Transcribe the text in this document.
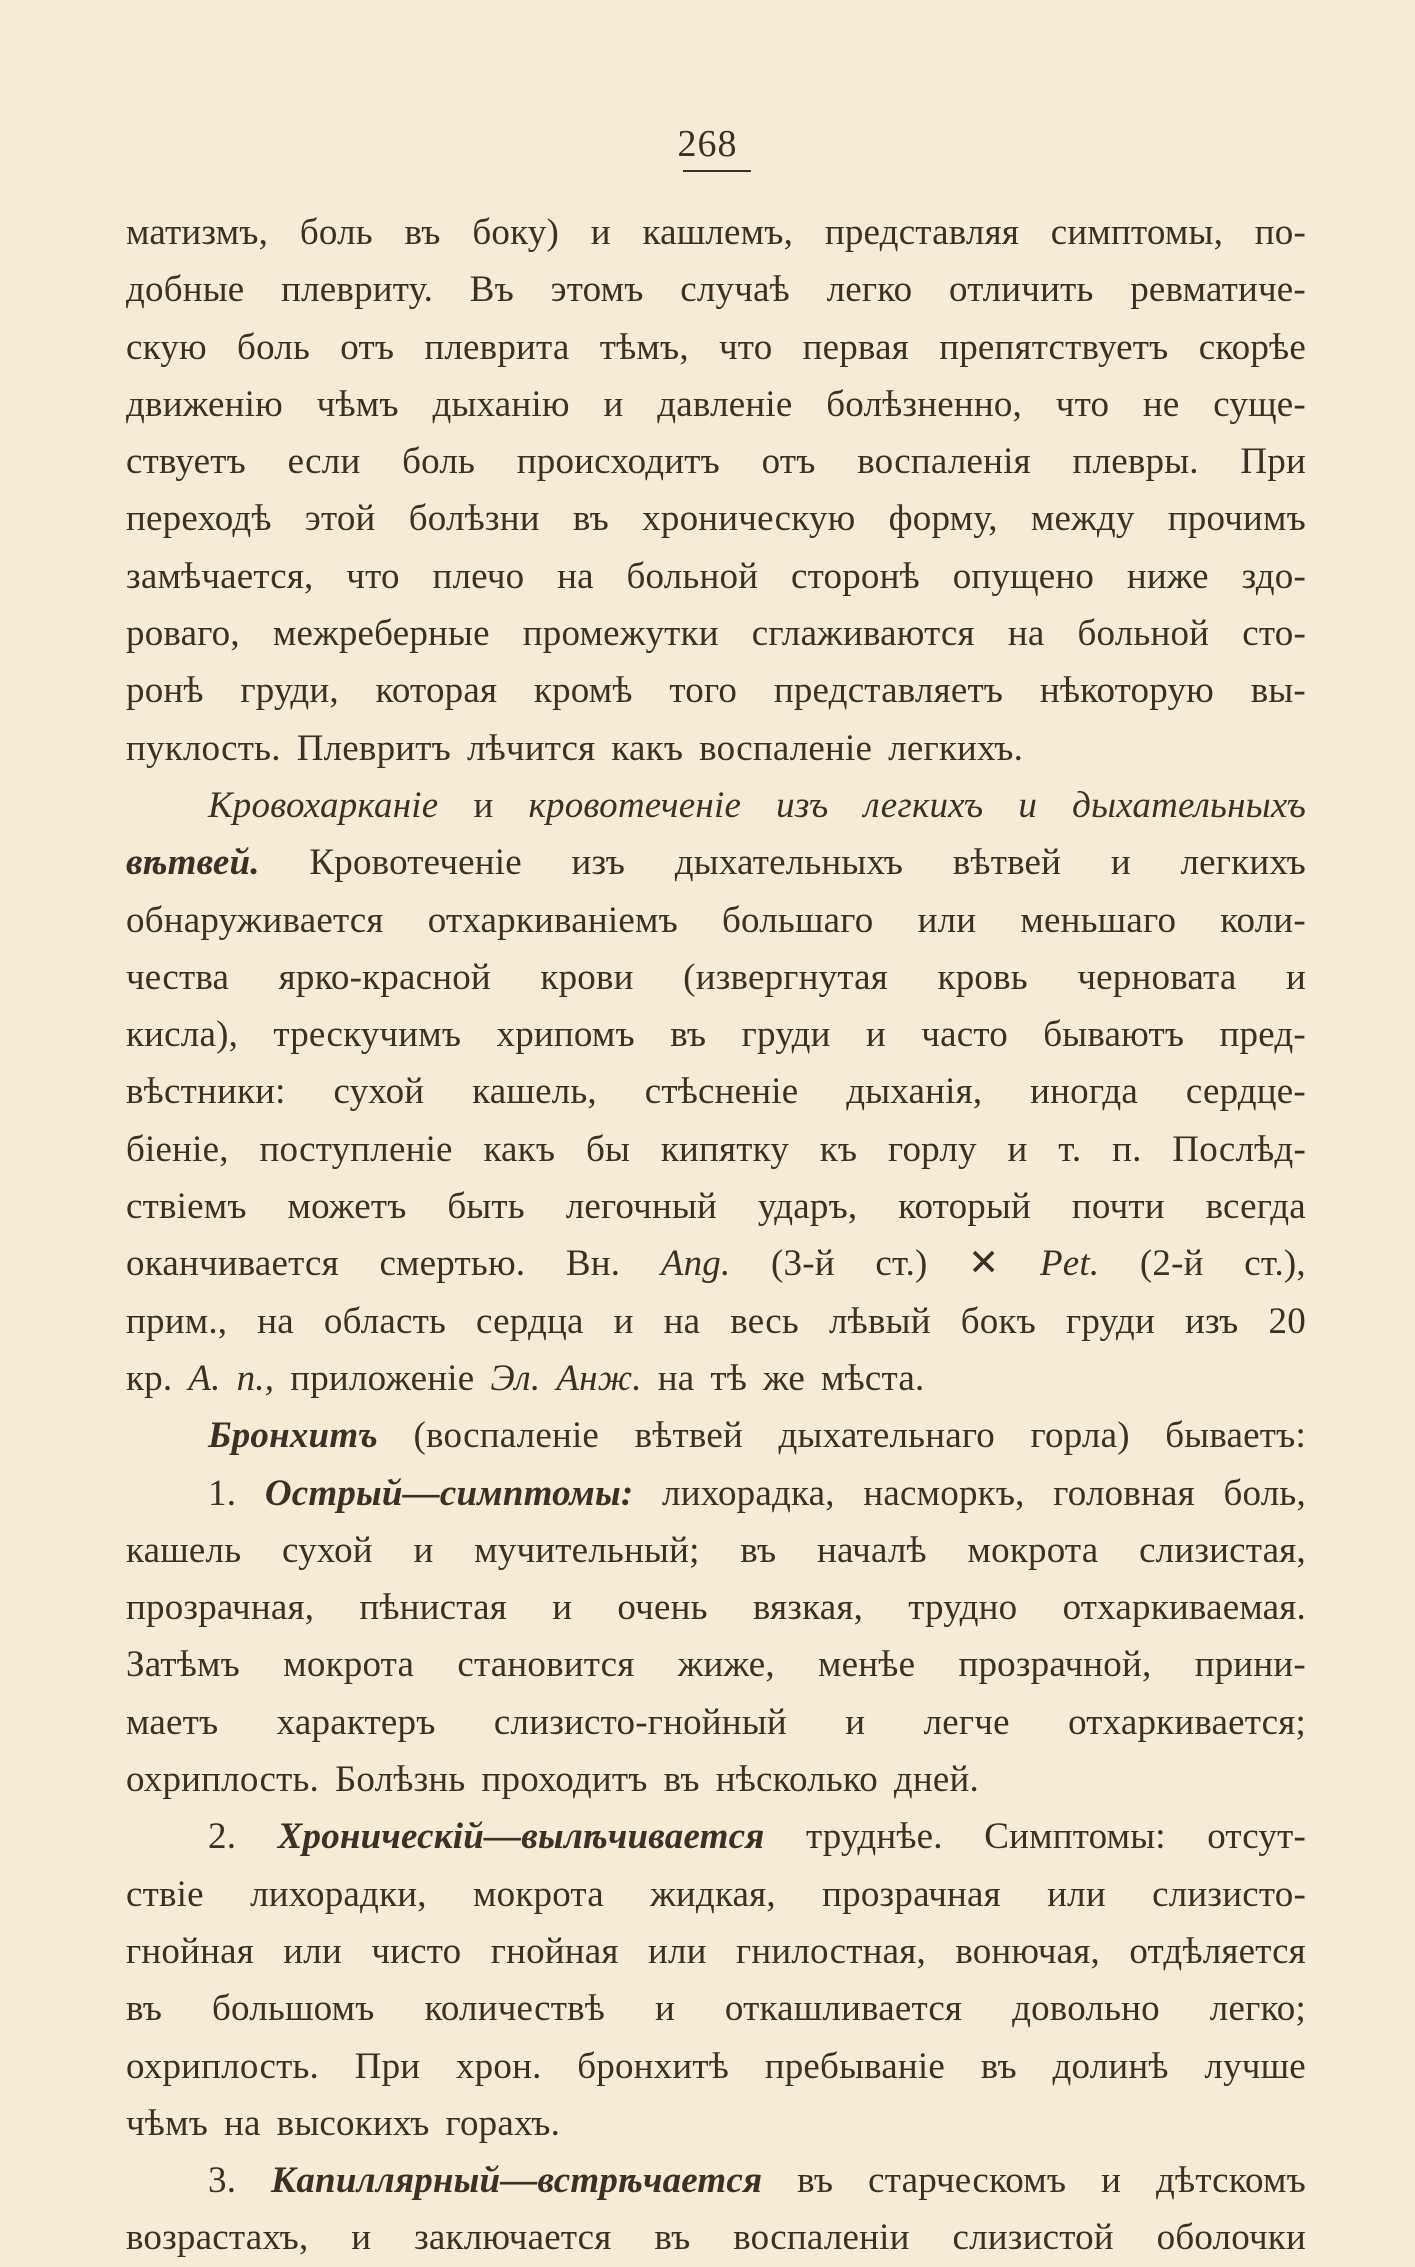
268
матизмъ, боль въ боку) и кашлемъ, представляя симптомы, по-
добные плевриту. Въ этомъ случаѣ легко отличить ревматиче-
скую боль отъ плеврита тѣмъ, что первая препятствуетъ скорѣе
движенію чѣмъ дыханію и давленіе болѣзненно, что не суще-
ствуетъ если боль происходитъ отъ воспаленія плевры. При
переходѣ этой болѣзни въ хроническую форму, между прочимъ
замѣчается, что плечо на больной сторонѣ опущено ниже здо-
роваго, межреберные промежутки сглаживаются на больной сто-
ронѣ груди, которая кромѣ того представляетъ нѣкоторую вы-
пуклость. Плевритъ лѣчится какъ воспаленіе легкихъ.
Кровохарканіе и кровотеченіе изъ легкихъ и дыхательныхъ
вѣтвей. Кровотеченіе изъ дыхательныхъ вѣтвей и легкихъ
обнаруживается отхаркиваніемъ большаго или меньшаго коли-
чества ярко-красной крови (извергнутая кровь черновата и
кисла), трескучимъ хрипомъ въ груди и часто бываютъ пред-
вѣстники: сухой кашель, стѣсненіе дыханія, иногда сердце-
біеніе, поступленіе какъ бы кипятку къ горлу и т. п. Послѣд-
ствіемъ можетъ быть легочный ударъ, который почти всегда
оканчивается смертью. Вн. Ang. (3-й ст.) ✕ Pet. (2-й ст.),
прим., на область сердца и на весь лѣвый бокъ груди изъ 20
кр. А. п., приложеніе Эл. Анж. на тѣ же мѣста.
Бронхитъ (воспаленіе вѣтвей дыхательнаго горла) бываетъ:
1. Острый—симптомы: лихорадка, насморкъ, головная боль,
кашель сухой и мучительный; въ началѣ мокрота слизистая,
прозрачная, пѣнистая и очень вязкая, трудно отхаркиваемая.
Затѣмъ мокрота становится жиже, менѣе прозрачной, прини-
маетъ характеръ слизисто-гнойный и легче отхаркивается;
охриплость. Болѣзнь проходитъ въ нѣсколько дней.
2. Хроническій—вылѣчивается труднѣе. Симптомы: отсут-
ствіе лихорадки, мокрота жидкая, прозрачная или слизисто-
гнойная или чисто гнойная или гнилостная, вонючая, отдѣляется
въ большомъ количествѣ и откашливается довольно легко;
охриплость. При хрон. бронхитѣ пребываніе въ долинѣ лучше
чѣмъ на высокихъ горахъ.
3. Капиллярный—встрѣчается въ старческомъ и дѣтскомъ
возрастахъ, и заключается въ воспаленіи слизистой оболочки
